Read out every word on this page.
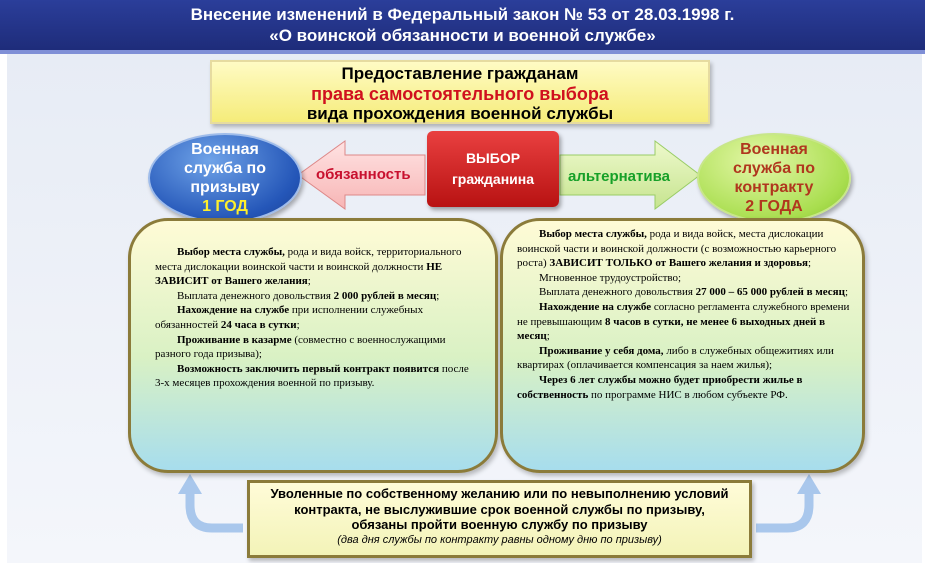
Внесение изменений в Федеральный закон № 53 от 28.03.1998 г.
«О воинской обязанности и военной службе»
Предоставление гражданам
права самостоятельного выбора
вида прохождения военной службы
Военная
служба по
призыву
1 ГОД
Военная
служба по
контракту
2 ГОДА
ВЫБОР
гражданина
обязанность	альтернатива

Выбор места службы, рода и вида войск, территориального места дислокации воинской части и воинской должности НЕ ЗАВИСИТ от Вашего желания;

Выплата денежного довольствия 2 000 рублей в месяц;

Нахождение на службе при исполнении служебных обязанностей 24 часа в сутки;

Проживание в казарме (совместно с военнослужащими разного года призыва);

Возможность заключить первый контракт появится после 3-х месяцев прохождения военной по призыву.

Выбор места службы, рода и вида войск, места дислокации воинской части и воинской должности (с возможностью карьерного роста) ЗАВИСИТ ТОЛЬКО от Вашего желания и здоровья;

Мгновенное трудоустройство;

Выплата денежного довольствия 27 000 – 65 000 рублей в месяц;

Нахождение на службе согласно регламента служебного времени не превышающим 8 часов в сутки, не менее 6 выходных дней в месяц;

Проживание у себя дома, либо в служебных общежитиях или квартирах (оплачивается компенсация за наем жилья);

Через 6 лет службы можно будет приобрести жилье в собственность по программе НИС в любом субъекте РФ.

Уволенные по собственному желанию или по невыполнению условий
контракта, не выслужившие срок военной службы по призыву,
обязаны пройти военную службу по призыву
(два дня службы по контракту равны одному дню по призыву)
